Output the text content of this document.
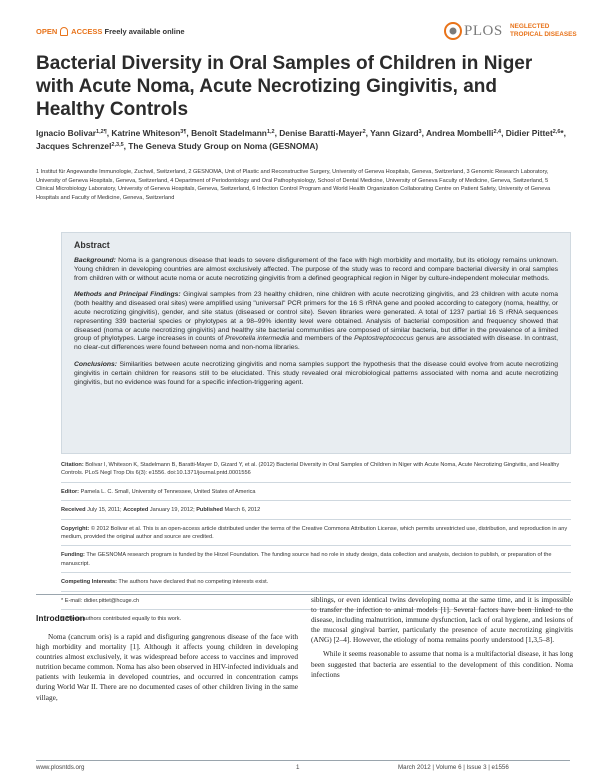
OPEN ACCESS Freely available online	PLOS NEGLECTED
TROPICAL DISEASES
Bacterial Diversity in Oral Samples of Children in Niger with Acute Noma, Acute Necrotizing Gingivitis, and Healthy Controls
Ignacio Bolivar$^{1,2\P}$, Katrine Whiteson$^{3\P}$, Benoît Stadelmann$^{1,2}$, Denise Baratti-Mayer$^2$, Yann Gizard$^3$, Andrea Mombelli$^{2,4}$, Didier Pittet$^{2,6}$*, Jacques Schrenzel$^{2,3,5}$, The Geneva Study Group on Noma (GESNOMA)
1 Institut für Angewandte Immunologie, Zuchwil, Switzerland, 2 GESNOMA, Unit of Plastic and Reconstructive Surgery, University of Geneva Hospitals, Geneva, Switzerland, 3 Genomic Research Laboratory, University of Geneva Hospitals, Geneva, Switzerland, 4 Department of Periodontology and Oral Pathophysiology, School of Dental Medicine, University of Geneva Faculty of Medicine, Geneva, Switzerland, 5 Clinical Microbiology Laboratory, University of Geneva Hospitals, Geneva, Switzerland, 6 Infection Control Program and World Health Organization Collaborating Centre on Patient Safety, University of Geneva Hospitals and Faculty of Medicine, Geneva, Switzerland
Abstract

Background: Noma is a gangrenous disease that leads to severe disfigurement of the face with high morbidity and mortality, but its etiology remains unknown. Young children in developing countries are almost exclusively affected. The purpose of the study was to record and compare bacterial diversity in oral samples from children with or without acute noma or acute necrotizing gingivitis from a defined geographical region in Niger by culture-independent molecular methods.

Methods and Principal Findings: Gingival samples from 23 healthy children, nine children with acute necrotizing gingivitis, and 23 children with acute noma (both healthy and diseased oral sites) were amplified using "universal" PCR primers for the 16 S rRNA gene and pooled according to category (noma, healthy, or acute necrotizing gingivitis), gender, and site status (diseased or control site). Seven libraries were generated. A total of 1237 partial 16 S rRNA sequences representing 339 bacterial species or phylotypes at a 98–99% identity level were obtained. Analysis of bacterial composition and frequency showed that diseased (noma or acute necrotizing gingivitis) and healthy site bacterial communities are composed of similar bacteria, but differ in the prevalence of a limited group of phylotypes. Large increases in counts of Prevotella intermedia and members of the Peptostreptococcus genus are associated with disease. In contrast, no clear-cut differences were found between noma and non-noma libraries.

Conclusions: Similarities between acute necrotizing gingivitis and noma samples support the hypothesis that the disease could evolve from acute necrotizing gingivitis in certain children for reasons still to be elucidated. This study revealed oral microbiological patterns associated with noma and acute necrotizing gingivitis, but no evidence was found for a specific infection-triggering agent.

Citation: Bolivar I, Whiteson K, Stadelmann B, Baratti-Mayer D, Gizard Y, et al. (2012) Bacterial Diversity in Oral Samples of Children in Niger with Acute Noma, Acute Necrotizing Gingivitis, and Healthy Controls. PLoS Negl Trop Dis 6(3): e1556. doi:10.1371/journal.pntd.0001556

Editor: Pamela L. C. Small, University of Tennessee, United States of America

Received July 15, 2011; Accepted January 19, 2012; Published March 6, 2012

Copyright: © 2012 Bolivar et al. This is an open-access article distributed under the terms of the Creative Commons Attribution License, which permits unrestricted use, distribution, and reproduction in any medium, provided the original author and source are credited.

Funding: The GESNOMA research program is funded by the Hirzel Foundation. The funding source had no role in study design, data collection and analysis, decision to publish, or preparation of the manuscript.

Competing Interests: The authors have declared that no competing interests exist.

* E-mail: didier.pittet@hcuge.ch

¶ These authors contributed equally to this work.

Introduction

Noma (cancrum oris) is a rapid and disfiguring gangrenous disease of the face with high morbidity and mortality [1]. Although it affects young children in developing countries almost exclusively, it was widespread before access to vaccines and improved nutrition became common. Noma has also been observed in HIV-infected individuals and patients with leukemia in developed countries, and occurred in concentration camps during World War II. There are no documented cases of other children living in the same village,

siblings, or even identical twins developing noma at the same time, and it is impossible to transfer the infection to animal models [1]. Several factors have been linked to the disease, including malnutrition, immune dysfunction, lack of oral hygiene, and lesions of the mucosal gingival barrier, particularly the presence of acute necrotizing gingivitis (ANG) [2–4]. However, the etiology of noma remains poorly understood [1,3,5–8].

While it seems reasonable to assume that noma is a multifactorial disease, it has long been suggested that bacteria are essential to the development of this condition. Noma infections

www.plosntds.org	1	March 2012 | Volume 6 | Issue 3 | e1556
